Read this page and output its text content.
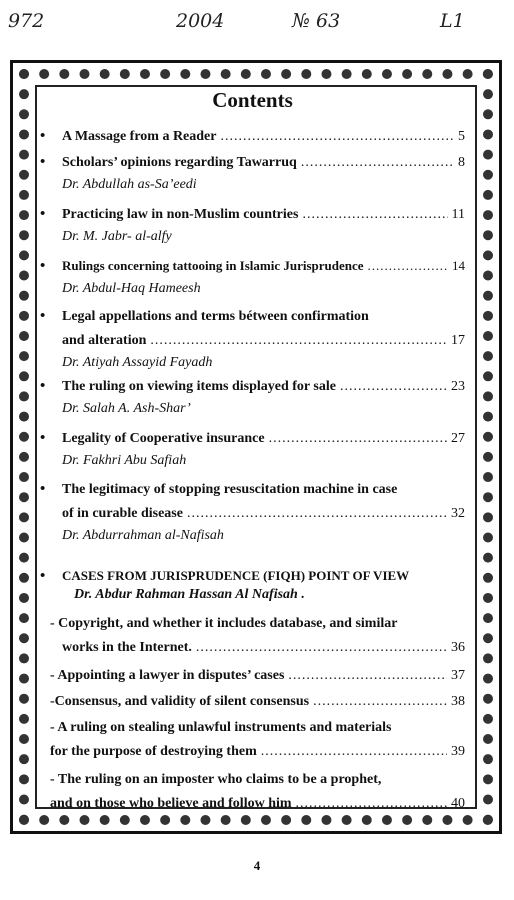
972	2004	№ 63	L1
Contents
•	A Massage from a Reader .....	5
•	Scholars’ opinions regarding Tawarruq .....	8
Dr. Abdullah as-Sa’eedi
•	Practicing law in non-Muslim countries .....	11
Dr. M. Jabr- al-alfy
•	Rulings concerning tattooing in Islamic Jurisprudence .....	14
Dr. Abdul-Haq Hameesh
•	Legal appellations and terms bétween confirmation
and alteration .....	17
Dr. Atiyah Assayid Fayadh
•	The ruling on viewing items displayed for sale .....	23
Dr. Salah A. Ash-Shar’
•	Legality of Cooperative insurance .....	27
Dr. Fakhri Abu Safiah
•	The legitimacy of stopping resuscitation machine in case
of in curable disease .....	32
Dr. Abdurrahman al-Nafisah
•	CASES FROM JURISPRUDENCE (FIQH) POINT OF VIEW
Dr. Abdur Rahman Hassan Al Nafisah .
- Copyright, and whether it includes database, and similar
works in the Internet. .....	36
- Appointing a lawyer in disputes’ cases .....	37
-Consensus, and validity of silent consensus .....	38
- A ruling on stealing unlawful instruments and materials
for the purpose of destroying them .....	39
- The ruling on an imposter who claims to be a prophet,
and on those who believe and follow him .....	40
4
